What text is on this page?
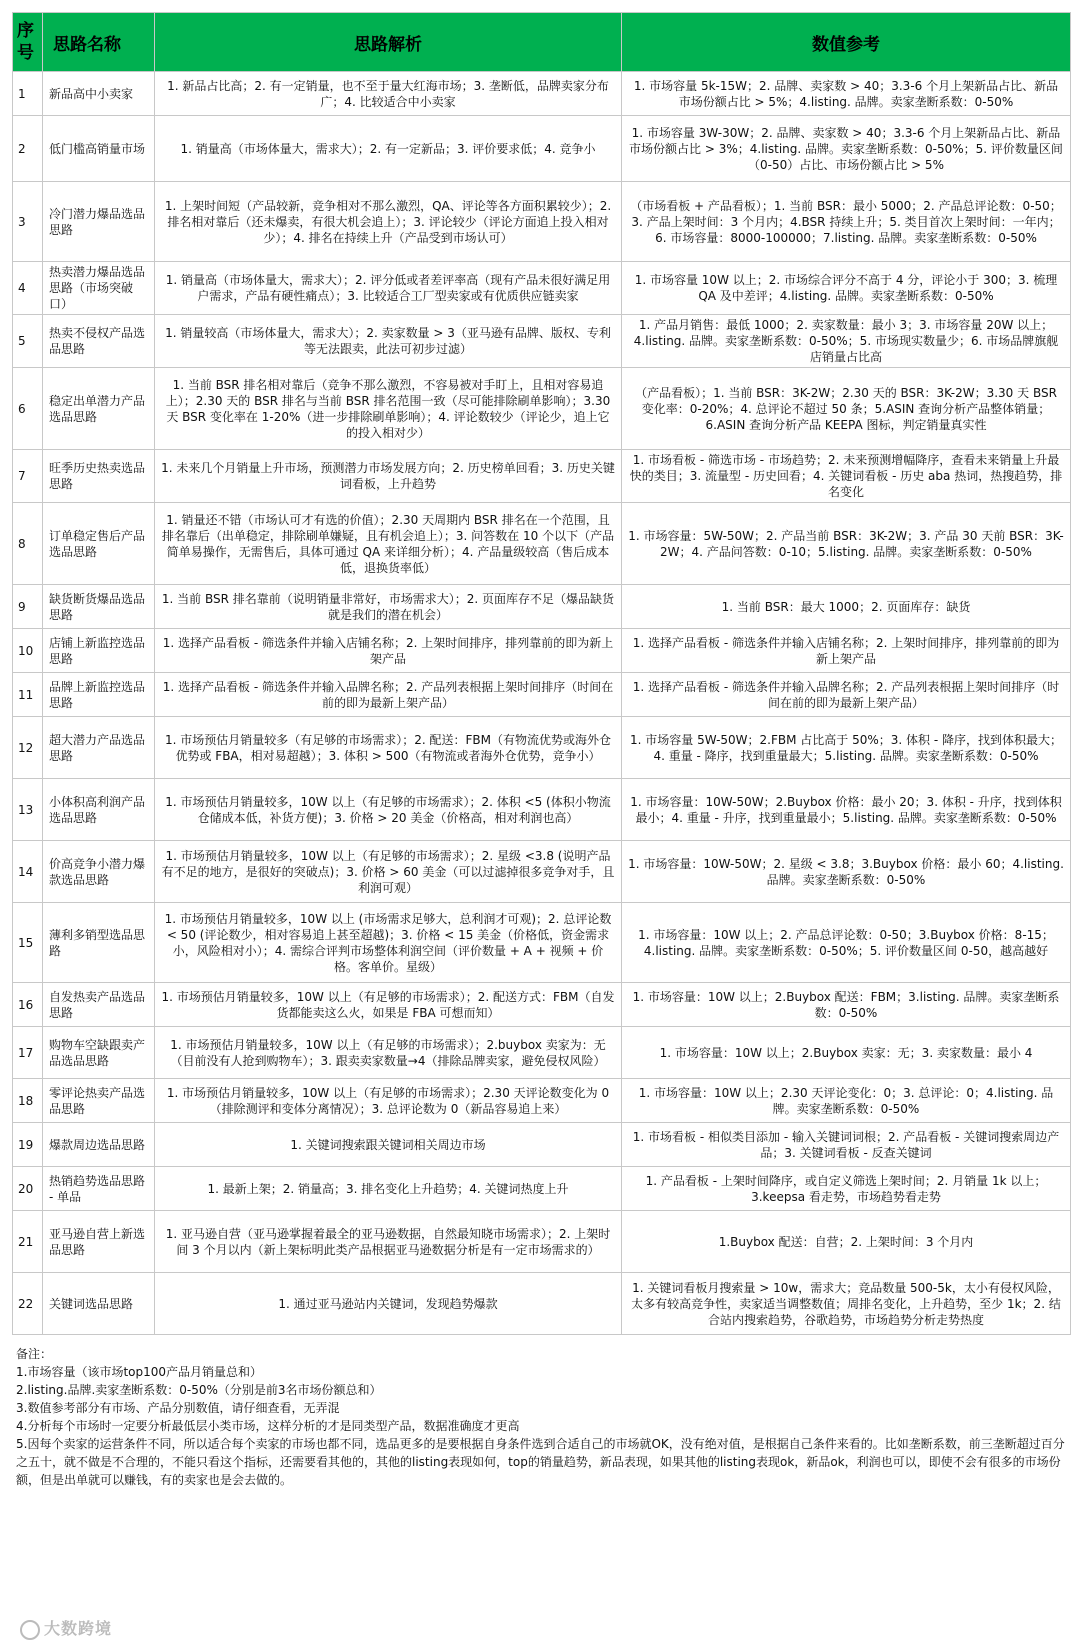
序号	思路名称	思路解析	数值参考
1	新品高中小卖家	1. 新品占比高；2. 有一定销量，也不至于量大红海市场；3. 垄断低，品牌卖家分布广；4. 比较适合中小卖家	1. 市场容量 5k-15W；2. 品牌、卖家数 > 40；3.3-6 个月上架新品占比、新品市场份额占比 > 5%；4.listing. 品牌。卖家垄断系数：0-50%
2	低门槛高销量市场	1. 销量高（市场体量大，需求大）；2. 有一定新品；3. 评价要求低；4. 竞争小	1. 市场容量 3W-30W；2. 品牌、卖家数 > 40；3.3-6 个月上架新品占比、新品市场份额占比 > 3%；4.listing. 品牌。卖家垄断系数：0-50%；5. 评价数量区间（0-50）占比、市场份额占比 > 5%
3	冷门潜力爆品选品思路	1. 上架时间短（产品较新，竞争相对不那么激烈，QA、评论等各方面积累较少）；2. 排名相对靠后（还未爆卖，有很大机会追上）；3. 评论较少（评论方面追上投入相对少）；4. 排名在持续上升（产品受到市场认可）	（市场看板 + 产品看板）；1. 当前 BSR：最小 5000；2. 产品总评论数：0-50；3. 产品上架时间：3 个月内；4.BSR 持续上升；5. 类目首次上架时间：一年内；6. 市场容量：8000-100000；7.listing. 品牌。卖家垄断系数：0-50%
4	热卖潜力爆品选品思路（市场突破口）	1. 销量高（市场体量大，需求大）；2. 评分低或者差评率高（现有产品未很好满足用户需求，产品有硬性痛点）；3. 比较适合工厂型卖家或有优质供应链卖家	1. 市场容量 10W 以上；2. 市场综合评分不高于 4 分，评论小于 300；3. 梳理 QA 及中差评；4.listing. 品牌。卖家垄断系数：0-50%
5	热卖不侵权产品选品思路	1. 销量较高（市场体量大，需求大）；2. 卖家数量 > 3（亚马逊有品牌、版权、专利等无法跟卖，此法可初步过滤）	1. 产品月销售：最低 1000；2. 卖家数量：最小 3；3. 市场容量 20W 以上；4.listing. 品牌。卖家垄断系数：0-50%；5. 市场现实数量少；6. 市场品牌旗舰店销量占比高
6	稳定出单潜力产品选品思路	1. 当前 BSR 排名相对靠后（竞争不那么激烈，不容易被对手盯上，且相对容易追上）；2.30 天的 BSR 排名与当前 BSR 排名范围一致（尽可能排除刷单影响）；3.30 天 BSR 变化率在 1-20%（进一步排除刷单影响）；4. 评论数较少（评论少，追上它的投入相对少）	（产品看板）；1. 当前 BSR：3K-2W；2.30 天的 BSR：3K-2W；3.30 天 BSR 变化率：0-20%；4. 总评论不超过 50 条；5.ASIN 查询分析产品整体销量；6.ASIN 查询分析产品 KEEPA 图标，判定销量真实性
7	旺季历史热卖选品思路	1. 未来几个月销量上升市场，预测潜力市场发展方向；2. 历史榜单回看；3. 历史关键词看板，上升趋势	1. 市场看板 - 筛选市场 - 市场趋势；2. 未来预测增幅降序，查看未来销量上升最快的类目；3. 流量型 - 历史回看；4. 关键词看板 - 历史 aba 热词，热搜趋势，排名变化
8	订单稳定售后产品选品思路	1. 销量还不错（市场认可才有选的价值）；2.30 天周期内 BSR 排名在一个范围，且排名靠后（出单稳定，排除刷单嫌疑，且有机会追上）；3. 问答数在 10 个以下（产品简单易操作，无需售后，具体可通过 QA 来详细分析）；4. 产品量级较高（售后成本低，退换货率低）	1. 市场容量：5W-50W；2. 产品当前 BSR：3K-2W；3. 产品 30 天前 BSR：3K-2W；4. 产品问答数：0-10；5.listing. 品牌。卖家垄断系数：0-50%
9	缺货断货爆品选品思路	1. 当前 BSR 排名靠前（说明销量非常好，市场需求大）；2. 页面库存不足（爆品缺货就是我们的潜在机会）	1. 当前 BSR：最大 1000；2. 页面库存：缺货
10	店铺上新监控选品思路	1. 选择产品看板 - 筛选条件并输入店铺名称；2. 上架时间排序，排列靠前的即为新上架产品	1. 选择产品看板 - 筛选条件并输入店铺名称；2. 上架时间排序，排列靠前的即为新上架产品
11	品牌上新监控选品思路	1. 选择产品看板 - 筛选条件并输入品牌名称；2. 产品列表根据上架时间排序（时间在前的即为最新上架产品）	1. 选择产品看板 - 筛选条件并输入品牌名称；2. 产品列表根据上架时间排序（时间在前的即为最新上架产品）
12	超大潜力产品选品思路	1. 市场预估月销量较多（有足够的市场需求）；2. 配送：FBM（有物流优势或海外仓优势或 FBA，相对易超越）；3. 体积 > 500（有物流或者海外仓优势，竞争小）	1. 市场容量 5W-50W；2.FBM 占比高于 50%；3. 体积 - 降序，找到体积最大；4. 重量 - 降序，找到重量最大；5.listing. 品牌。卖家垄断系数：0-50%
13	小体积高利润产品选品思路	1. 市场预估月销量较多，10W 以上（有足够的市场需求）；2. 体积 <5 (体积小物流仓储成本低，补货方便)；3. 价格 > 20 美金（价格高，相对利润也高）	1. 市场容量：10W-50W；2.Buybox 价格：最小 20；3. 体积 - 升序，找到体积最小；4. 重量 - 升序，找到重量最小；5.listing. 品牌。卖家垄断系数：0-50%
14	价高竞争小潜力爆款选品思路	1. 市场预估月销量较多，10W 以上（有足够的市场需求）；2. 星级 <3.8 (说明产品有不足的地方，是很好的突破点)；3. 价格 > 60 美金（可以过滤掉很多竞争对手，且利润可观）	1. 市场容量：10W-50W；2. 星级 < 3.8；3.Buybox 价格：最小 60；4.listing. 品牌。卖家垄断系数：0-50%
15	薄利多销型选品思路	1. 市场预估月销量较多，10W 以上 (市场需求足够大，总利润才可观)；2. 总评论数 < 50 (评论数少，相对容易追上甚至超越)；3. 价格 < 15 美金（价格低，资金需求小，风险相对小）；4. 需综合评判市场整体利润空间（评价数量 + A + 视频 + 价格。客单价。星级）	1. 市场容量：10W 以上；2. 产品总评论数：0-50；3.Buybox 价格：8-15；4.listing. 品牌。卖家垄断系数：0-50%；5. 评价数量区间 0-50，越高越好
16	自发热卖产品选品思路	1. 市场预估月销量较多，10W 以上（有足够的市场需求）；2. 配送方式：FBM（自发货都能卖这么火，如果是 FBA 可想而知）	1. 市场容量：10W 以上；2.Buybox 配送：FBM；3.listing. 品牌。卖家垄断系数：0-50%
17	购物车空缺跟卖产品选品思路	1. 市场预估月销量较多，10W 以上（有足够的市场需求）；2.buybox 卖家为：无（目前没有人抢到购物车）；3. 跟卖卖家数量→4（排除品牌卖家，避免侵权风险）	1. 市场容量：10W 以上；2.Buybox 卖家：无；3. 卖家数量：最小 4
18	零评论热卖产品选品思路	1. 市场预估月销量较多，10W 以上（有足够的市场需求）；2.30 天评论数变化为 0（排除测评和变体分离情况）；3. 总评论数为 0（新品容易追上来）	1. 市场容量：10W 以上；2.30 天评论变化：0；3. 总评论：0；4.listing. 品牌。卖家垄断系数：0-50%
19	爆款周边选品思路	1. 关键词搜索跟关键词相关周边市场	1. 市场看板 - 相似类目添加 - 输入关键词词根；2. 产品看板 - 关键词搜索周边产品；3. 关键词看板 - 反查关键词
20	热销趋势选品思路 - 单品	1. 最新上架；2. 销量高；3. 排名变化上升趋势；4. 关键词热度上升	1. 产品看板 - 上架时间降序，或自定义筛选上架时间；2. 月销量 1k 以上；3.keepsa 看走势，市场趋势看走势
21	亚马逊自营上新选品思路	1. 亚马逊自营（亚马逊掌握着最全的亚马逊数据，自然最知晓市场需求）；2. 上架时间 3 个月以内（新上架标明此类产品根据亚马逊数据分析是有一定市场需求的）	1.Buybox 配送：自营；2. 上架时间：3 个月内
22	关键词选品思路	1. 通过亚马逊站内关键词，发现趋势爆款	1. 关键词看板月搜索量 > 10w，需求大；竞品数量 500-5k，太小有侵权风险，太多有较高竞争性，卖家适当调整数值；周排名变化，上升趋势，至少 1k；2. 结合站内搜索趋势，谷歌趋势，市场趋势分析走势热度
备注：
1.市场容量（该市场top100产品月销量总和）
2.listing.品牌.卖家垄断系数：0-50%（分别是前3名市场份额总和）
3.数值参考部分有市场、产品分别数值，请仔细查看，无弄混
4.分析每个市场时一定要分析最低层小类市场，这样分析的才是同类型产品，数据准确度才更高
5.因每个卖家的运营条件不同，所以适合每个卖家的市场也都不同，选品更多的是要根据自身条件选到合适自己的市场就OK，没有绝对值，是根据自己条件来看的。比如垄断系数，前三垄断超过百分之五十，就不做是不合理的，不能只看这个指标，还需要看其他的，其他的listing表现如何，top的销量趋势，新品表现，如果其他的listing表现ok，新品ok，利润也可以，即使不会有很多的市场份额，但是出单就可以赚钱，有的卖家也是会去做的。
大数跨境
